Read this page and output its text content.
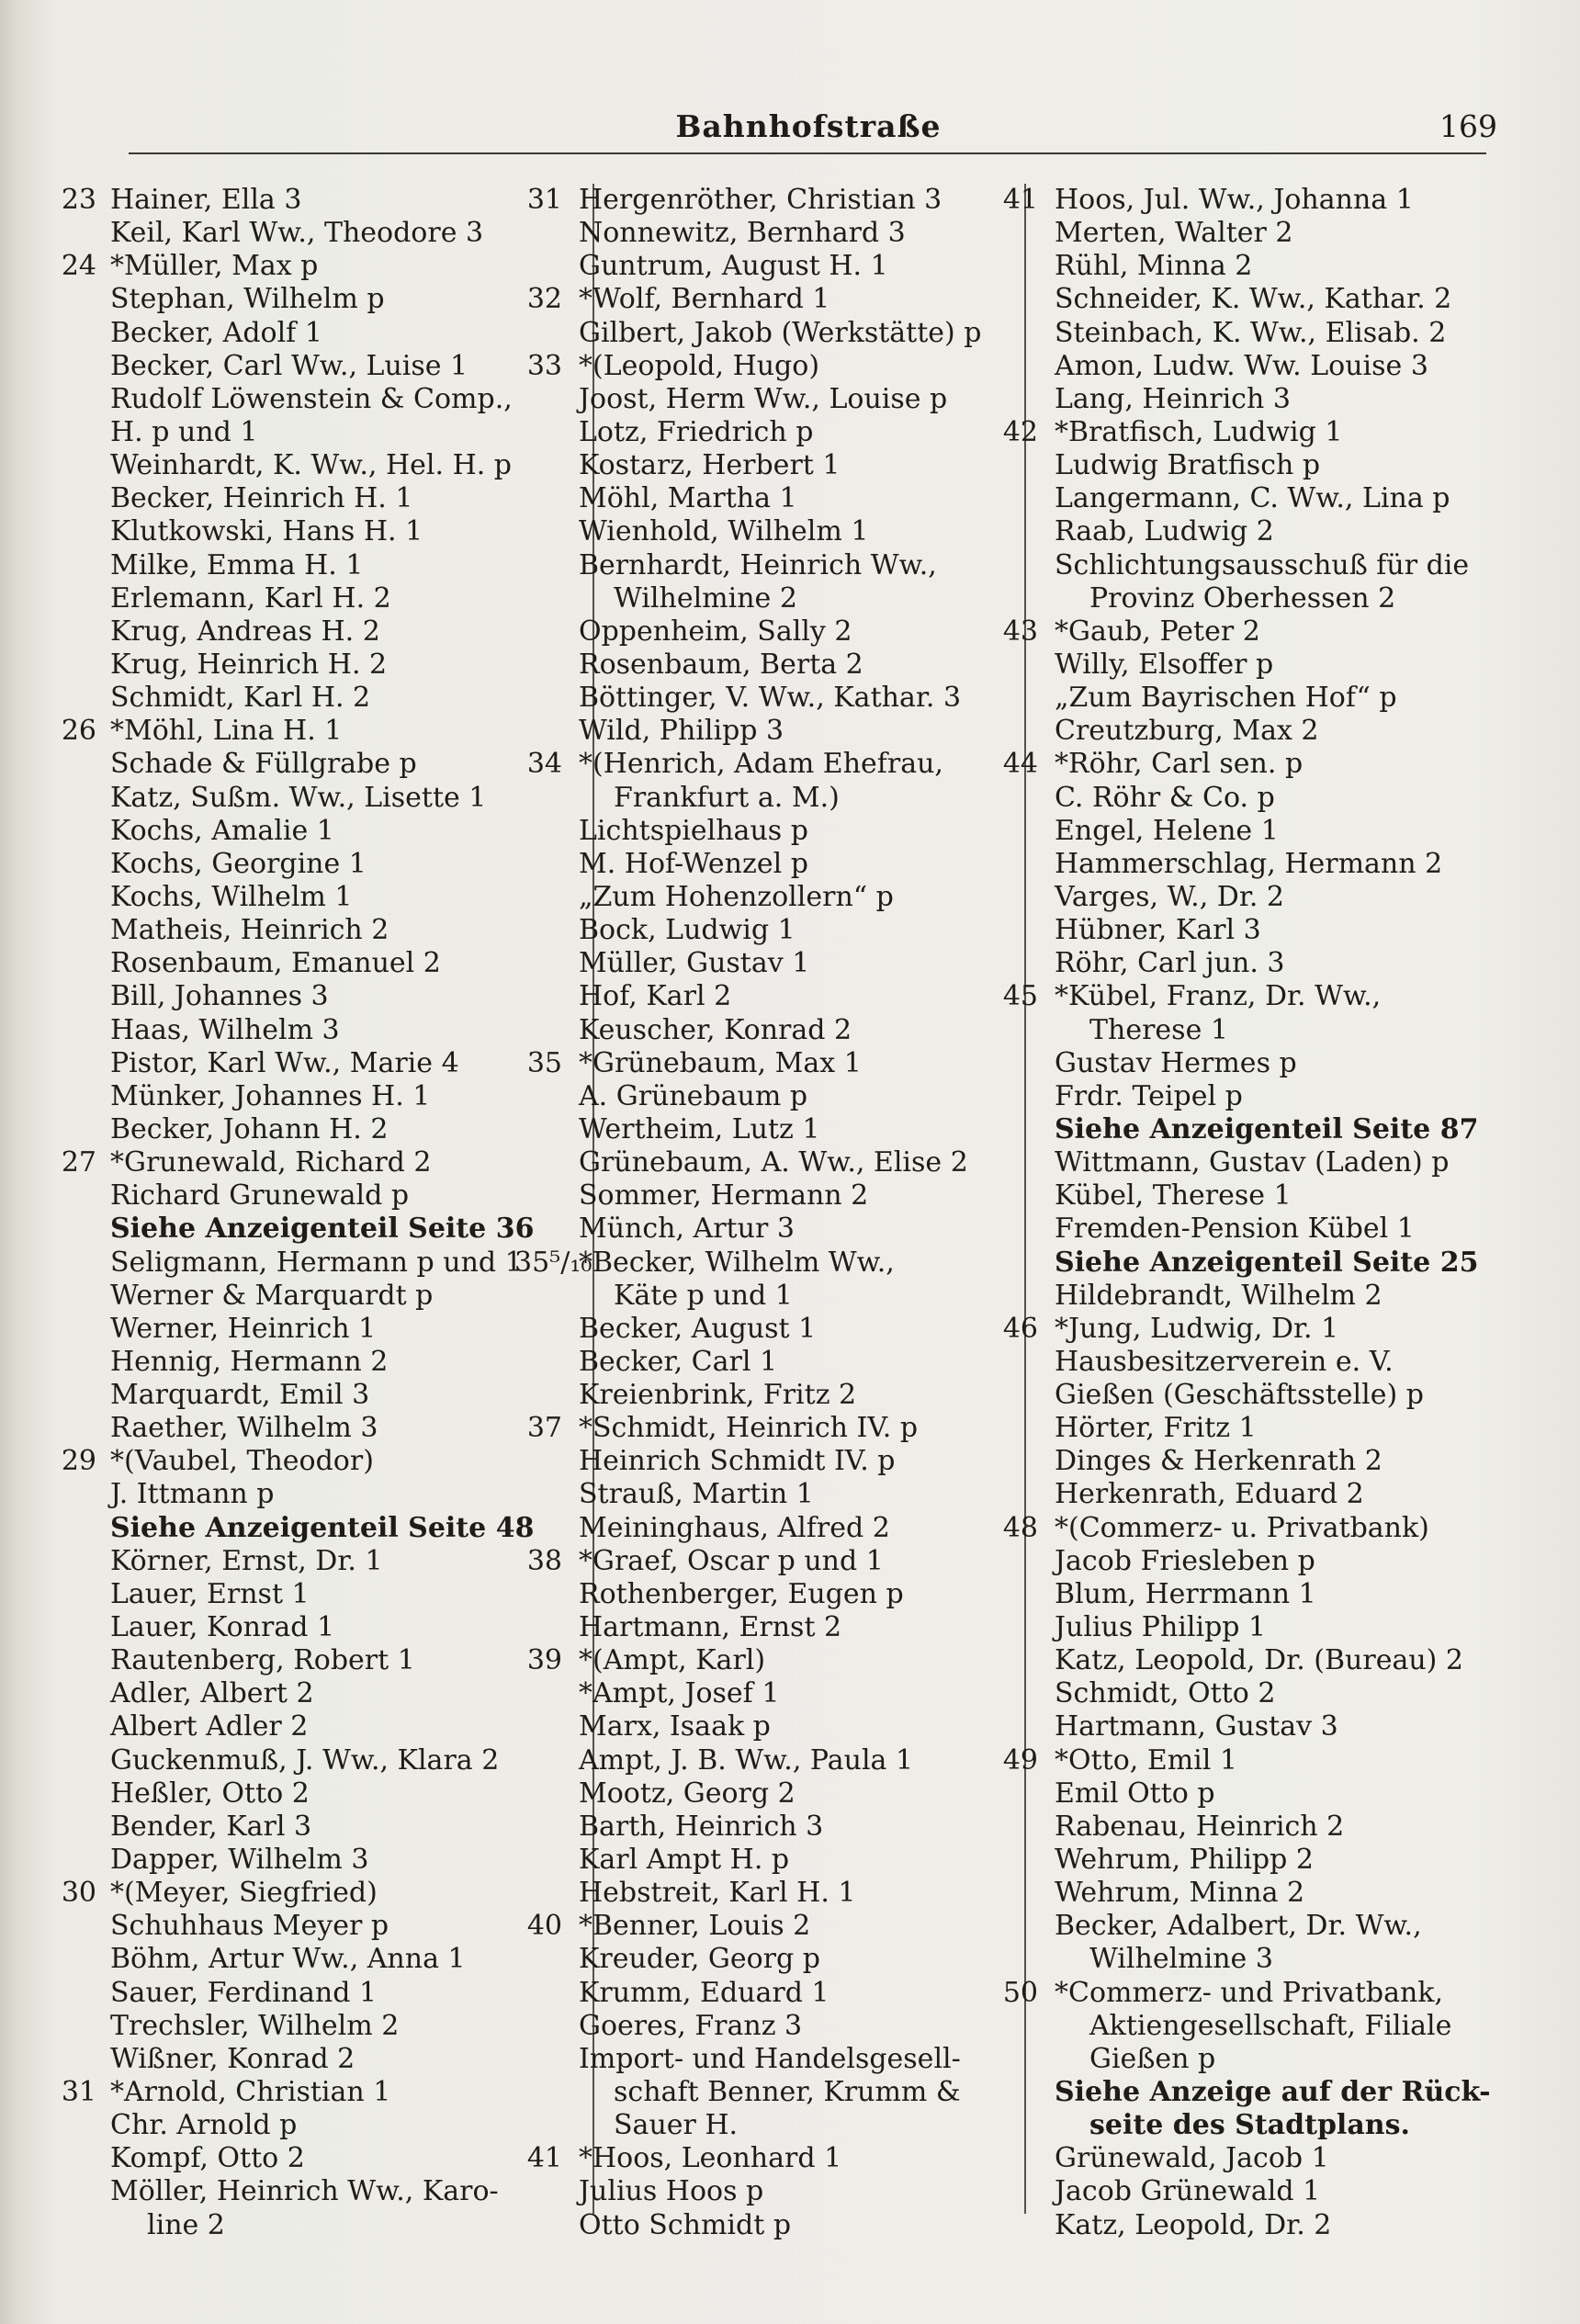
Bahnhofstraße	169
23 Hainer, Ella 3
Keil, Karl Ww., Theodore 3
24 *Müller, Max p
Stephan, Wilhelm p
Becker, Adolf 1
Becker, Carl Ww., Luise 1
Rudolf Löwenstein & Comp.,
H. p und 1
Weinhardt, K. Ww., Hel. H. p
Becker, Heinrich H. 1
Klutkowski, Hans H. 1
Milke, Emma H. 1
Erlemann, Karl H. 2
Krug, Andreas H. 2
Krug, Heinrich H. 2
Schmidt, Karl H. 2
26 *Möhl, Lina H. 1
Schade & Füllgrabe p
Katz, Sußm. Ww., Lisette 1
Kochs, Amalie 1
Kochs, Georgine 1
Kochs, Wilhelm 1
Matheis, Heinrich 2
Rosenbaum, Emanuel 2
Bill, Johannes 3
Haas, Wilhelm 3
Pistor, Karl Ww., Marie 4
Münker, Johannes H. 1
Becker, Johann H. 2
27 *Grunewald, Richard 2
Richard Grunewald p
Siehe Anzeigenteil Seite 36
Seligmann, Hermann p und 1
Werner & Marquardt p
Werner, Heinrich 1
Hennig, Hermann 2
Marquardt, Emil 3
Raether, Wilhelm 3
29 *(Vaubel, Theodor)
J. Ittmann p
Siehe Anzeigenteil Seite 48
Körner, Ernst, Dr. 1
Lauer, Ernst 1
Lauer, Konrad 1
Rautenberg, Robert 1
Adler, Albert 2
Albert Adler 2
Guckenmuß, J. Ww., Klara 2
Heßler, Otto 2
Bender, Karl 3
Dapper, Wilhelm 3
30 *(Meyer, Siegfried)
Schuhhaus Meyer p
Böhm, Artur Ww., Anna 1
Sauer, Ferdinand 1
Trechsler, Wilhelm 2
Wißner, Konrad 2
31 *Arnold, Christian 1
Chr. Arnold p
Kompf, Otto 2
Möller, Heinrich Ww., Karo-
line 2
31 Hergenröther, Christian 3
Nonnewitz, Bernhard 3
Guntrum, August H. 1
32 *Wolf, Bernhard 1
Gilbert, Jakob (Werkstätte) p
33 *(Leopold, Hugo)
Joost, Herm Ww., Louise p
Lotz, Friedrich p
Kostarz, Herbert 1
Möhl, Martha 1
Wienhold, Wilhelm 1
Bernhardt, Heinrich Ww.,
Wilhelmine 2
Oppenheim, Sally 2
Rosenbaum, Berta 2
Böttinger, V. Ww., Kathar. 3
Wild, Philipp 3
34 *(Henrich, Adam Ehefrau,
Frankfurt a. M.)
Lichtspielhaus p
M. Hof-Wenzel p
„Zum Hohenzollern“ p
Bock, Ludwig 1
Müller, Gustav 1
Hof, Karl 2
Keuscher, Konrad 2
35 *Grünebaum, Max 1
A. Grünebaum p
Wertheim, Lutz 1
Grünebaum, A. Ww., Elise 2
Sommer, Hermann 2
Münch, Artur 3
35⁵/₁₀
*Becker, Wilhelm Ww.,
Käte p und 1
Becker, August 1
Becker, Carl 1
Kreienbrink, Fritz 2
37 *Schmidt, Heinrich IV. p
Heinrich Schmidt IV. p
Strauß, Martin 1
Meininghaus, Alfred 2
38 *Graef, Oscar p und 1
Rothenberger, Eugen p
Hartmann, Ernst 2
39 *(Ampt, Karl)
*Ampt, Josef 1
Marx, Isaak p
Ampt, J. B. Ww., Paula 1
Mootz, Georg 2
Barth, Heinrich 3
Karl Ampt H. p
Hebstreit, Karl H. 1
40 *Benner, Louis 2
Kreuder, Georg p
Krumm, Eduard 1
Goeres, Franz 3
Import- und Handelsgesell-
schaft Benner, Krumm &
Sauer H.
41 *Hoos, Leonhard 1
Julius Hoos p
Otto Schmidt p
41 Hoos, Jul. Ww., Johanna 1
Merten, Walter 2
Rühl, Minna 2
Schneider, K. Ww., Kathar. 2
Steinbach, K. Ww., Elisab. 2
Amon, Ludw. Ww. Louise 3
Lang, Heinrich 3
42 *Bratfisch, Ludwig 1
Ludwig Bratfisch p
Langermann, C. Ww., Lina p
Raab, Ludwig 2
Schlichtungsausschuß für die
Provinz Oberhessen 2
43 *Gaub, Peter 2
Willy, Elsoffer p
„Zum Bayrischen Hof“ p
Creutzburg, Max 2
44 *Röhr, Carl sen. p
C. Röhr & Co. p
Engel, Helene 1
Hammerschlag, Hermann 2
Varges, W., Dr. 2
Hübner, Karl 3
Röhr, Carl jun. 3
45 *Kübel, Franz, Dr. Ww.,
Therese 1
Gustav Hermes p
Frdr. Teipel p
Siehe Anzeigenteil Seite 87
Wittmann, Gustav (Laden) p
Kübel, Therese 1
Fremden-Pension Kübel 1
Siehe Anzeigenteil Seite 25
Hildebrandt, Wilhelm 2
46 *Jung, Ludwig, Dr. 1
Hausbesitzerverein e. V.
Gießen (Geschäftsstelle) p
Hörter, Fritz 1
Dinges & Herkenrath 2
Herkenrath, Eduard 2
48 *(Commerz- u. Privatbank)
Jacob Friesleben p
Blum, Herrmann 1
Julius Philipp 1
Katz, Leopold, Dr. (Bureau) 2
Schmidt, Otto 2
Hartmann, Gustav 3
49 *Otto, Emil 1
Emil Otto p
Rabenau, Heinrich 2
Wehrum, Philipp 2
Wehrum, Minna 2
Becker, Adalbert, Dr. Ww.,
Wilhelmine 3
50 *Commerz- und Privatbank,
Aktiengesellschaft, Filiale
Gießen p
Siehe Anzeige auf der Rück-
seite des Stadtplans.
Grünewald, Jacob 1
Jacob Grünewald 1
Katz, Leopold, Dr. 2
